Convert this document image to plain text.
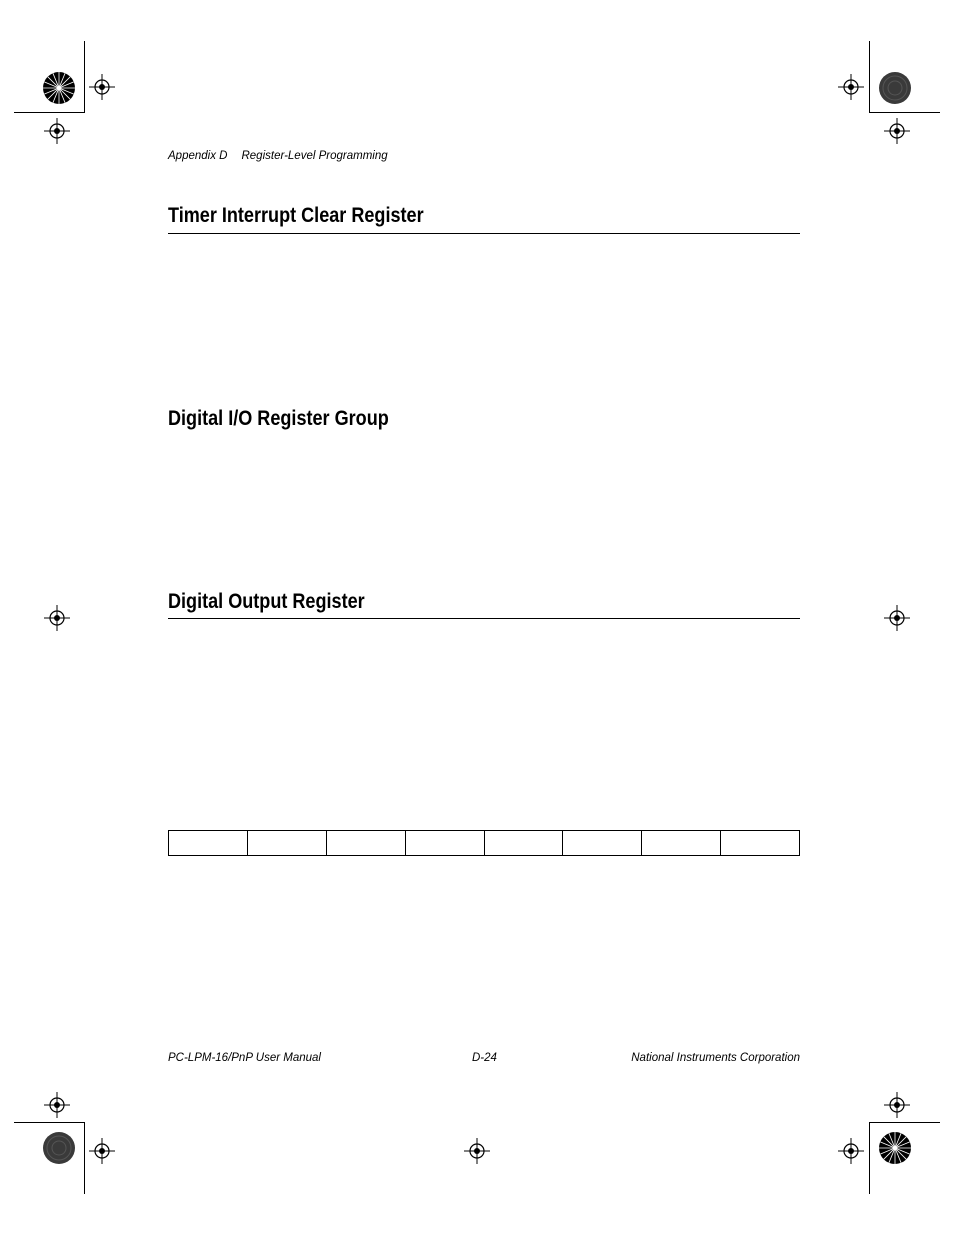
Appendix D Register-Level Programming
Timer Interrupt Clear Register
Digital I/O Register Group
Digital Output Register

PC-LPM-16/PnP User Manual	D-24	National Instruments Corporation
